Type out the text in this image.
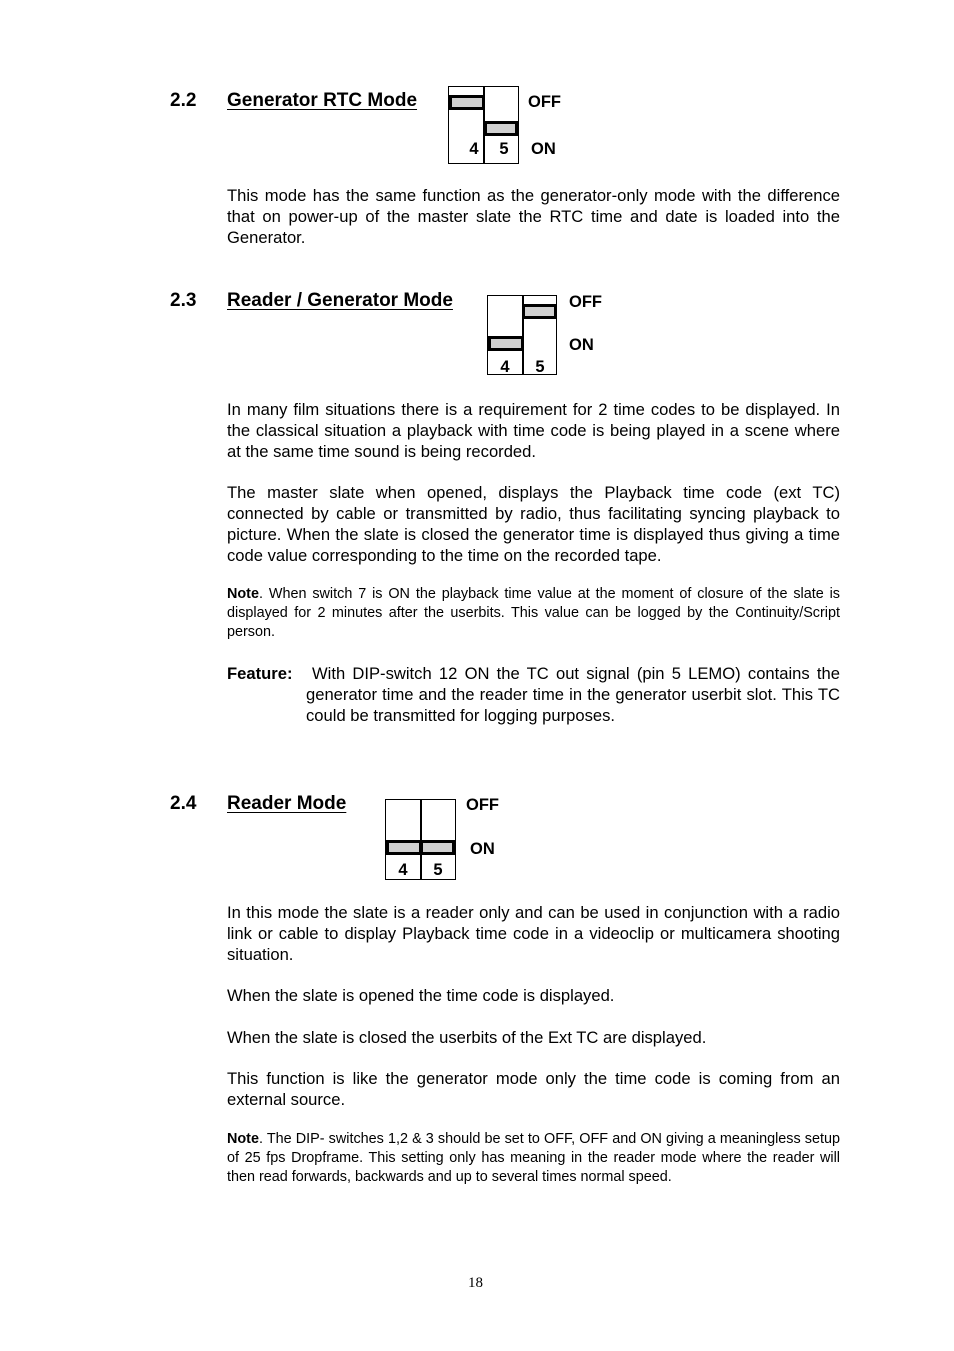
2.2 Generator RTC Mode
4	5
OFF
ON
This mode has the same function as the generator-only mode with the difference that on power-up of the master slate the RTC time and date is loaded into the Generator.
2.3 Reader / Generator Mode
4	5
OFF
ON
In many film situations there is a requirement for 2 time codes to be displayed. In the classical situation a playback with time code is being played in a scene where at the same time sound is being recorded.
The master slate when opened, displays the Playback time code (ext TC) connected by cable or transmitted by radio, thus facilitating syncing playback to picture. When the slate is closed the generator time is displayed thus giving a time code value corresponding to the time on the recorded tape.
Note. When switch 7 is ON the playback time value at the moment of closure of the slate is displayed for 2 minutes after the userbits. This value can be logged by the Continuity/Script person.
Feature:	With DIP-switch 12 ON the TC out signal (pin 5 LEMO) contains the generator time and the reader time in the generator userbit slot. This TC could be transmitted for logging purposes.
2.4 Reader Mode
4	5
OFF
ON
In this mode the slate is a reader only and can be used in conjunction with a radio link or cable to display Playback time code in a videoclip or multicamera shooting situation.
When the slate is opened the time code is displayed.
When the slate is closed the userbits of the Ext TC are displayed.
This function is like the generator mode only the time code is coming from an external source.
Note. The DIP- switches 1,2 & 3 should be set to OFF, OFF and ON giving a meaningless setup of 25 fps Dropframe. This setting only has meaning in the reader mode where the reader will then read forwards, backwards and up to several times normal speed.
18
